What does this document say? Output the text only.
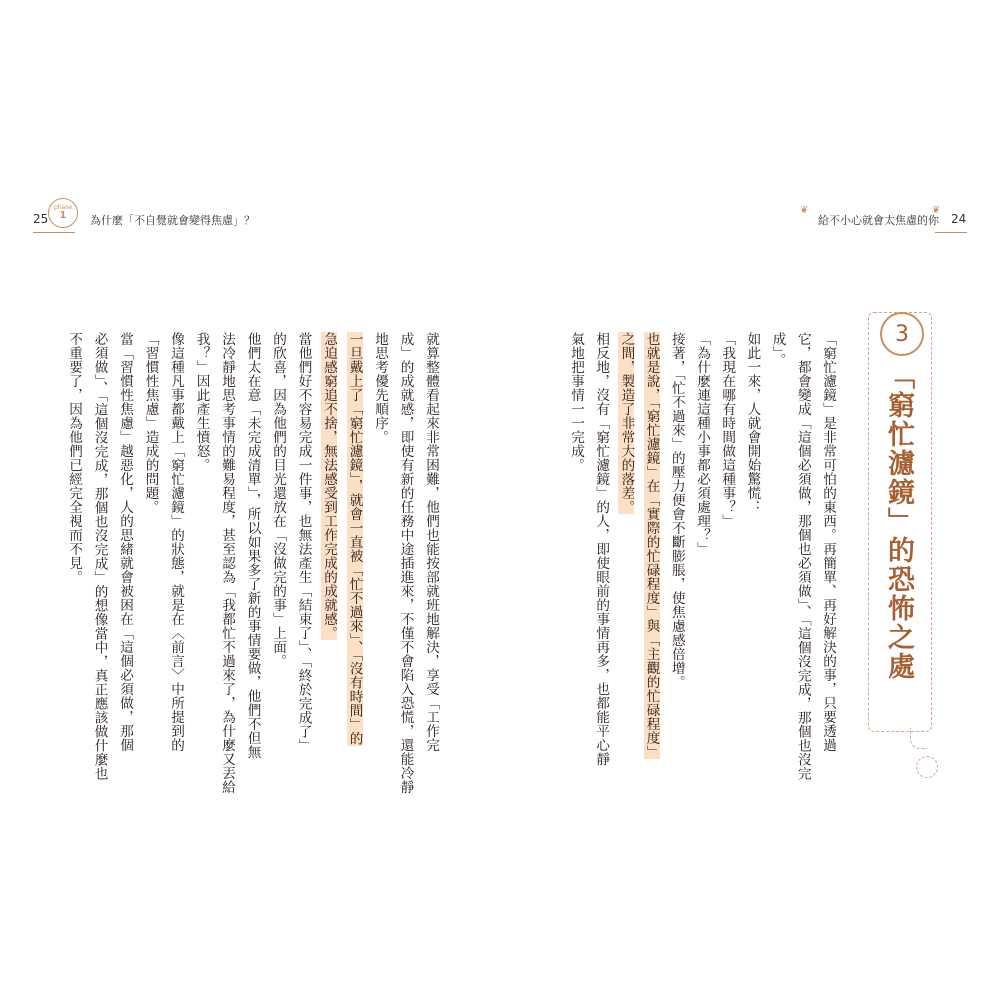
25
phase
1	為什麼「不自覺就會變得焦慮」？
就算整體看起來非常困難，他們也能按部就班地解決，享受「工作完
成」的成就感，即使有新的任務中途插進來，不僅不會陷入恐慌，還能冷靜
地思考優先順序。
一旦戴上了「窮忙濾鏡」，就會一直被「忙不過來」、「沒有時間」的
急迫感窮追不捨，無法感受到工作完成的成就感。
當他們好不容易完成一件事，也無法產生「結束了」、「終於完成了」
的欣喜，因為他們的目光還放在「沒做完的事」上面。
他們太在意「未完成清單」，所以如果多了新的事情要做，他們不但無
法冷靜地思考事情的難易程度，甚至認為「我都忙不過來了，為什麼又丟給
我？」因此產生憤怒。
像這種凡事都戴上「窮忙濾鏡」的狀態，就是在〈前言〉中所提到的
「習慣性焦慮」造成的問題。
當「習慣性焦慮」越惡化，人的思緒就會被困在「這個必須做，那個
必須做」、「這個沒完成，那個也沒完成」的想像當中，真正應該做什麼也
不重要了，因為他們已經完全視而不見。
❦
給不小心就會太焦慮的你
❦
24
3
「窮忙濾鏡」的恐怖之處
「窮忙濾鏡」是非常可怕的東西。再簡單、再好解決的事，只要透過
它，都會變成「這個必須做，那個也必須做」、「這個沒完成，那個也沒完
成」。
如此一來，人就會開始驚慌：
「我現在哪有時間做這種事？」
「為什麼連這種小事都必須處理？」
接著，「忙不過來」的壓力便會不斷膨脹，使焦慮感倍增。
也就是說，「窮忙濾鏡」在「實際的忙碌程度」與「主觀的忙碌程度」
之間，製造了非常大的落差。
相反地，沒有「窮忙濾鏡」的人，即使眼前的事情再多，也都能平心靜
氣地把事情一一完成。
